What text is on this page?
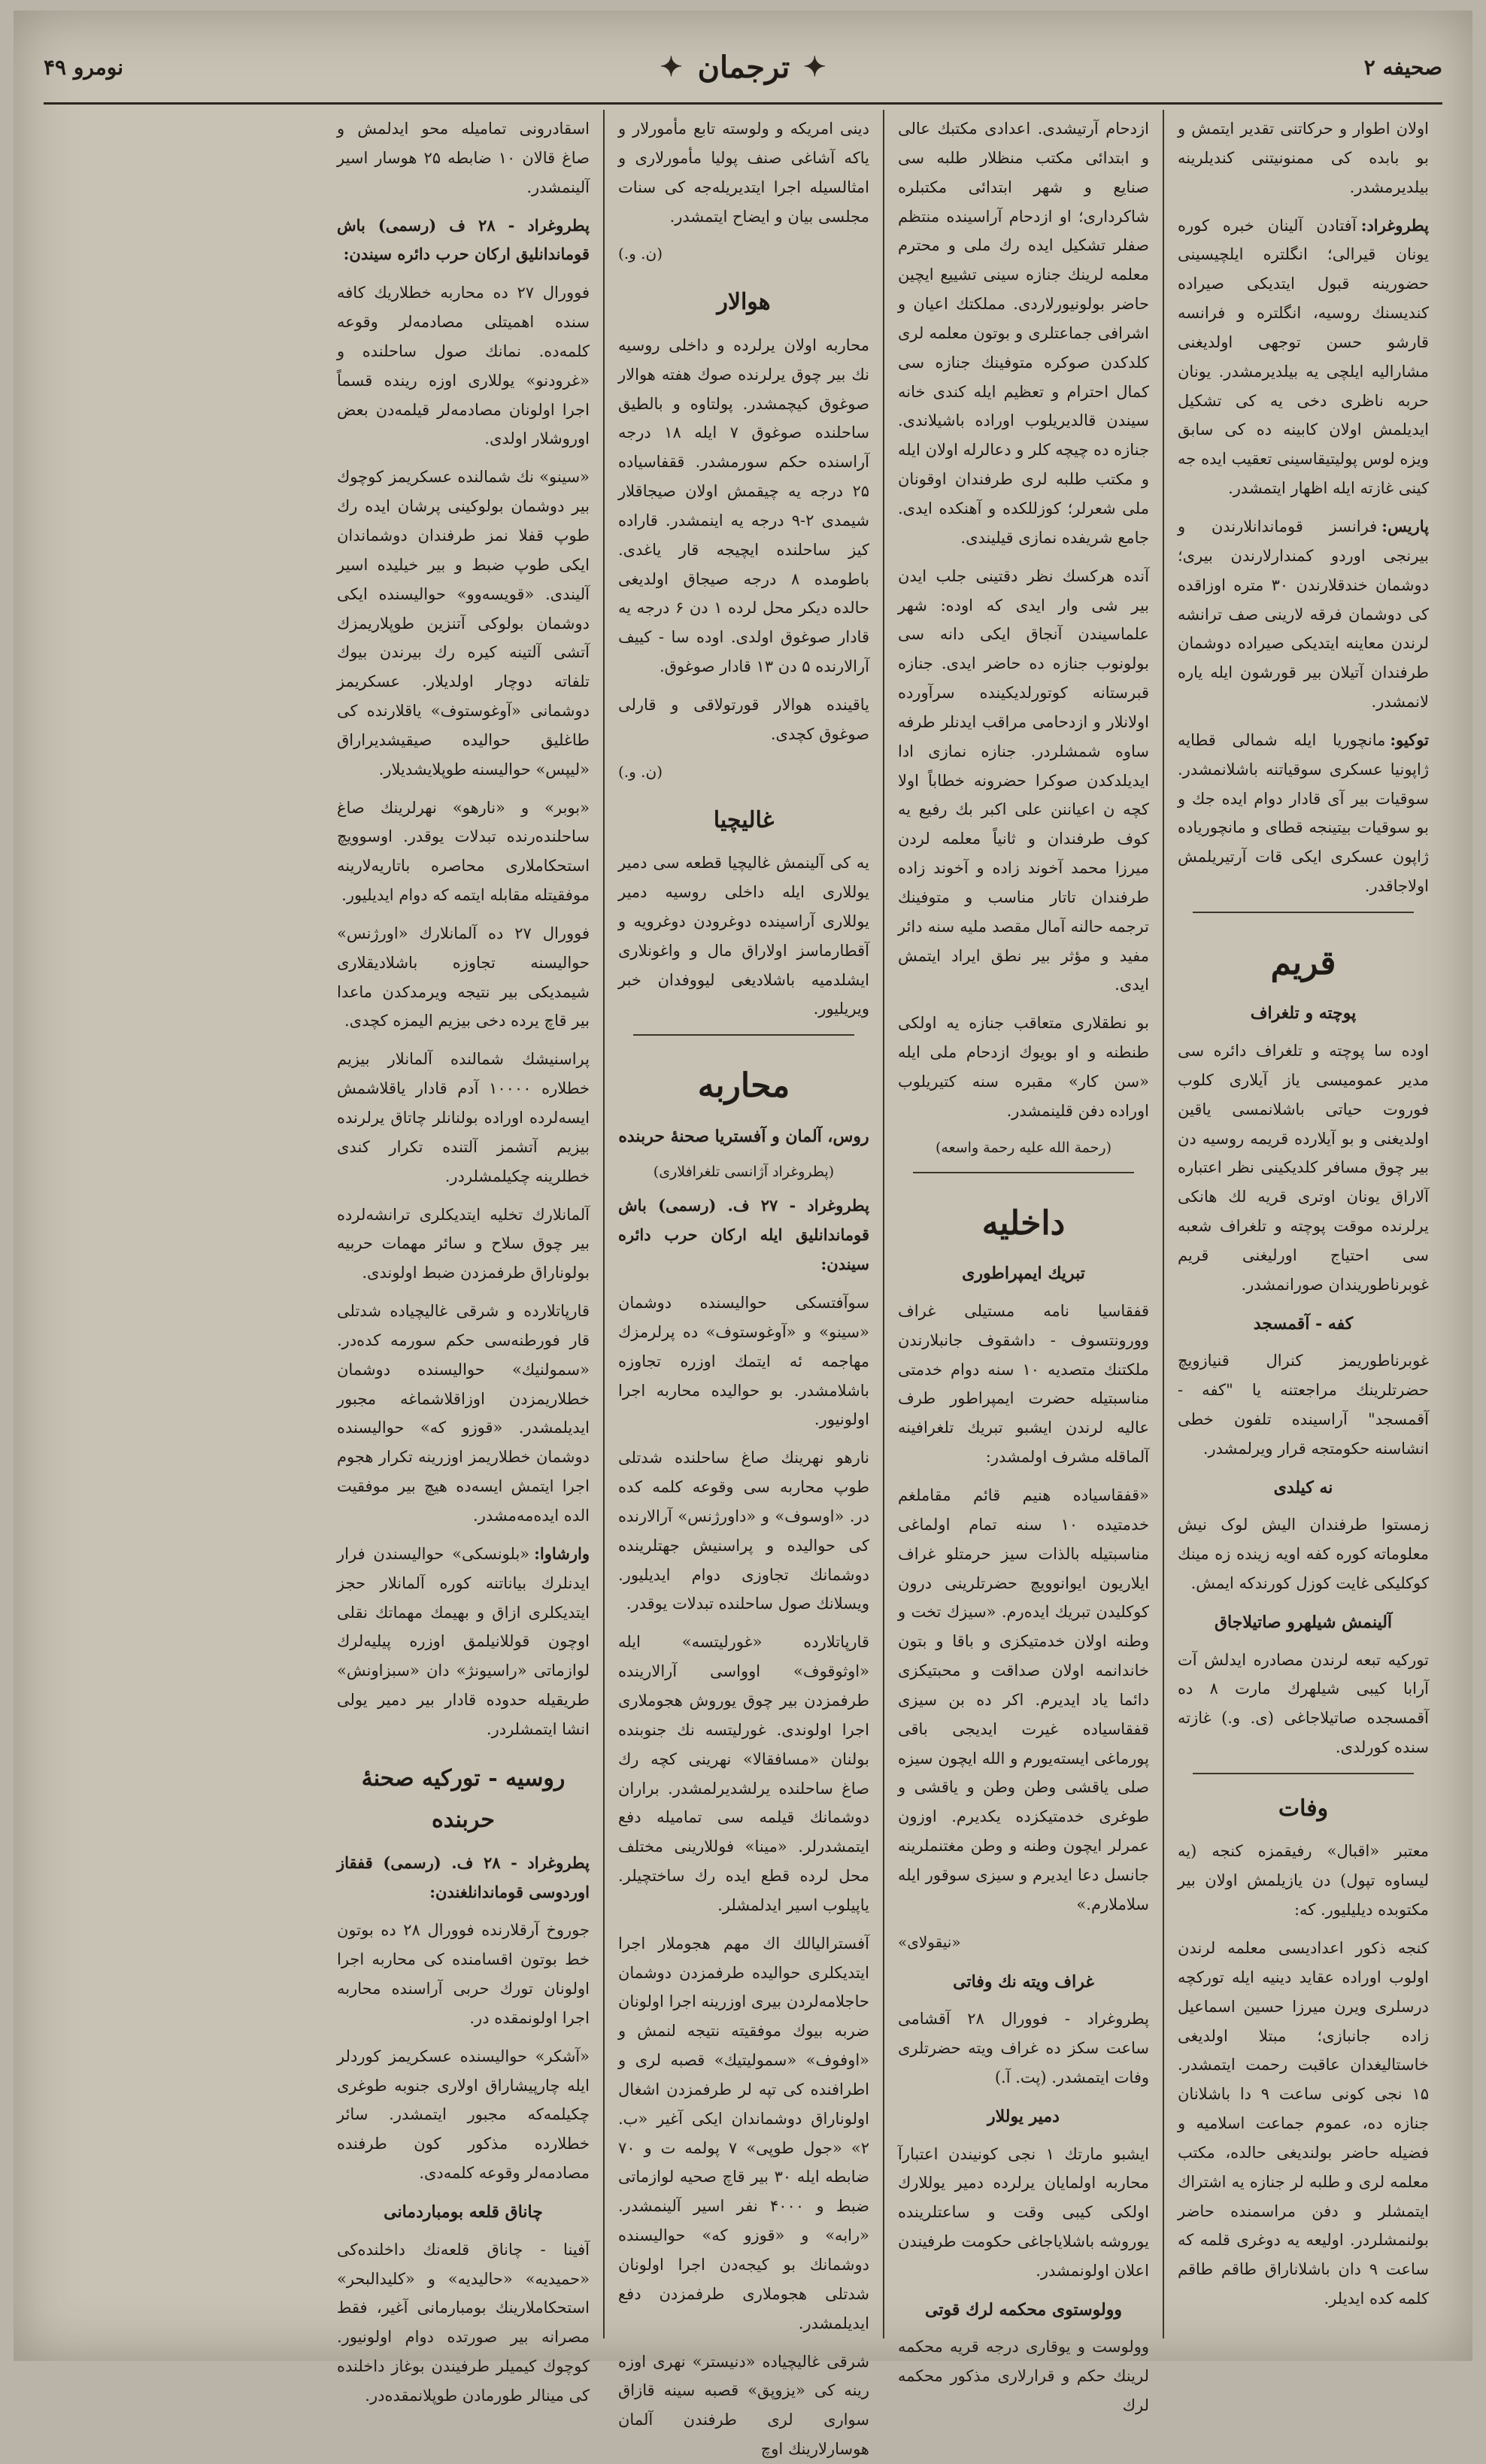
صحیفه ۲
✦
ترجمان
✦
نومرو ۴۹

اولان اطوار و حرکاتنی تقدیر ایتمش و بو بابده کی ممنونیتنی کندیلرینه بیلدیرمشدر.

پطروغراد:آفتادن آلینان خبره کوره یونان قیرالی؛ انگلتره ایلچیسینی حضورینه قبول ایتدیکی صیراده کندیسنك روسیه، انگلتره و فرانسه قارشو حسن توجهی اولدیغنی مشارالیه ایلچی یه بیلدیرمشدر. یونان حربه ناظری دخی یه کی تشکیل ایدیلمش اولان کابینه ده کی سابق ویزه لوس پولیتیقاسینی تعقیب ایده جه کینی غازته ایله اظهار ایتمشدر.

پاریس:فرانسز قوماندانلارندن و بیرنجی اوردو کمندارلارندن بیری؛ دوشمان خندقلارندن ۳۰ متره اوزاقده کی دوشمان فرقه لارینی صف ترانشه لرندن معاینه ایتدیکی صیراده دوشمان طرفندان آتیلان بیر قورشون ایله یاره لانمشدر.

توکیو:مانچوریا ایله شمالی قطایه ژاپونیا عسکری سوقیاتنه باشلانمشدر. سوقیات بیر آی قادار دوام ایده جك و بو سوقیات بیتینجه قطای و مانچوریاده ژاپون عسکری ایکی قات آرتیریلمش اولاجاقدر.

قریم
پوچته و تلغراف

اوده سا پوچته و تلغراف دائره سی مدیر عمومیسی یاز آیلاری کلوب فوروت حیاتی باشلانمسی یاقین اولدیغنی و بو آیلارده قریمه روسیه دن بیر چوق مسافر کلدیکینی نظر اعتباره آلاراق یونان اوتری قریه لك هانکی یرلرنده موقت پوچته و تلغراف شعبه سی احتیاج اورلیغنی قریم غوبرناطوریندان صورانمشدر.

کفه - آقمسجد

غوبرناطوریمز کنرال قنیازویچ حضرتلرینك مراجعتنه یا "کفه - آقمسجد" آراسینده تلفون خطی انشاسنه حکومتجه قرار ویرلمشدر.

نه کیلدی

زمستوا طرفندان الیش لوک نیش معلوماته کوره کفه اویه زینده زه مینك کوکلیکی غایت کوزل کورندکه ایمش.

آلینمش شیلهرو صاتیلاجاق

تورکیه تبعه لرندن مصادره ایدلش آت آرابا کیبی شیلهرك مارت ۸ ده آقمسجده صاتیلاجاغی (ی. و.) غازته سنده کورلدی.

وفات

معتبر «اقبال» رفیقمزه کنجه (یه لیساوه تپول) دن یازیلمش اولان بیر مکتوبده دیلیلیور. که:

کنجه ذکور اعدادیسی معلمه لرندن اولوب اوراده عقاید دینیه ایله تورکچه درسلری ویرن میرزا حسین اسماعیل زاده جانبازی؛ مبتلا اولدیغی خاستالیغدان عاقبت رحمت ایتمشدر. ۱۵ نجی کونی ساعت ۹ دا باشلانان جنازه ده، عموم جماعت اسلامیه و فضیله حاضر بولندیغی حالده، مکتب معلمه لری و طلبه لر جنازه یه اشتراك ایتمشلر و دفن مراسمنده حاضر بولنمشلردر. اولیعه یه دوغری قلمه که ساعت ۹ دان باشلاناراق طاقم طاقم کلمه کده ایدیلر.

ازدحام آرتیشدی. اعدادی مکتبك عالی و ابتدائی مکتب منظلار طلبه سی صنایع و شهر ابتدائی مکتبلره شاکرداری؛ او ازدحام آراسینده منتظم صفلر تشکیل ایده رك ملی و محترم معلمه لرینك جنازه سینی تشییع ایچین حاضر بولونیورلاردی. مملکتك اعیان و اشرافی جماعتلری و بوتون معلمه لری کلدکدن صوکره متوفینك جنازه سی کمال احترام و تعظیم ایله کندی خانه سیندن قالدیریلوب اوراده باشیلاندی. جنازه ده چیچه کلر و دعالرله اولان ایله و مکتب طلبه لری طرفندان اوقونان ملی شعرلر؛ کوزللکده و آهنکده ایدی. جامع شریفده نمازی قیلیندی.

آنده هرکسك نظر دقتینی جلب ایدن بیر شی وار ایدی که اوده: شهر علماسیندن آنجاق ایکی دانه سی بولونوب جنازه ده حاضر ایدی. جنازه قبرستانه کوتورلدیکینده سرآورده اولانلار و ازدحامی مراقب ایدنلر طرفه ساوه شمشلردر. جنازه نمازی ادا ایدیلدکدن صوکرا حضرونه خطاباً اولا کچه ن اعیاننن علی اکبر بك رفیع یه کوف طرفندان و ثانیاً معلمه لردن میرزا محمد آخوند زاده و آخوند زاده طرفندان تاتار مناسب و متوفینك ترجمه حالنه آمال مقصد ملیه سنه دائر مفید و مؤثر بیر نطق ایراد ایتمش ایدی.

بو نطقلاری متعاقب جنازه یه اولکی طنطنه و او بویوك ازدحام ملی ایله «سن کار» مقبره سنه کتیریلوب اوراده دفن قلینمشدر.

(رحمة الله علیه رحمة واسعه)
داخلیه
تبریك ایمپراطوری

قفقاسیا نامه مستیلی غراف وورونتسوف - داشقوف جانبلارندن ملکتنك متصدیه ۱۰ سنه دوام خدمتی مناسبتیله حضرت ایمپراطور طرف عالیه لرندن ایشبو تبریك تلغرافینه آلماقله مشرف اولمشدر:

«قفقاسیاده هنیم قائم مقاملغم خدمتیده ۱۰ سنه تمام اولماغی مناسبتیله بالذات سیز حرمتلو غراف ایلاریون ایوانوویچ حضرتلرینی درون کوکلیدن تبریك ایده‌رم. «سیزك تخت و وطنه اولان خدمتیکزی و باقا و بتون خاندانمه اولان صداقت و محبتیکزی دائما یاد ایدیرم. اکر ده بن سیزی قفقاسیاده غیرت ایدیجی باقی پورماغی ایسته‌یورم و الله ایچون سیزه صلی یاقشی وطن وطن و یاقشی و طوغری خدمتیکزده یکدیرم. اوزون عمرلر ایچون وطنه و وطن مغتنملرینه جانسل دعا ایدیرم و سیزی سوقور ایله سلاملارم.»

«نیقولای»
غراف ویته نك وفاتی

پطروغراد - فوورال ۲۸ آقشامی ساعت سکز ده غراف ویته حضرتلری وفات ایتمشدر. (پت. آ.)

دمیر یوللار

ایشبو مارتك ۱ نجی کونیندن اعتبارآ محاربه اولمایان یرلرده دمیر یوللارك اولکی کیبی وقت و ساعتلرینده یوروشه باشلایاجاغی حکومت طرفیندن اعلان اولونمشدر.

وولوستوی محکمه لرك قوتی

وولوست و یوقاری درجه قریه محکمه لرینك حکم و قرارلاری مذکور محکمه لرك

دینی امریکه و ولوسته تابع مأمورلار و یاکه آشاغی صنف پولیا مأمورلاری و امثالسیله اجرا ایتدیریله‌جه کی سنات مجلسی بیان و ایضاح ایتمشدر.

(ن. و.)
هوالار

محاربه اولان یرلرده و داخلی روسیه نك بیر چوق یرلرنده صوك هفته هوالار صوغوق کیچمشدر. پولتاوه و بالطیق ساحلنده صوغوق ۷ ایله ۱۸ درجه آراسنده حکم سورمشدر. ققفاسیاده ۲۵ درجه یه چیقمش اولان صیجاقلار شیمدی ۲-۹ درجه یه اینمشدر. قاراده کیز ساحلنده ایچیجه قار یاغدی. باطومده ۸ درجه صیجاق اولدیغی حالده دیکر محل لرده ۱ دن ۶ درجه یه قادار صوغوق اولدی. اوده سا - کییف آرالارنده ۵ دن ۱۳ قادار صوغوق.

یاقینده هوالار قورتولاقی و قارلی صوغوق کچدی.

(ن. و.)
غالیچیا

یه کی آلینمش غالیچیا قطعه سی دمیر یوللاری ایله داخلی روسیه دمیر یوللاری آراسینده دوغرودن دوغرویه و آقطارماسز اولاراق مال و واغونلاری ایشلدمیه باشلادیغی لیووفدان خبر ویریلیور.

محاربه
روس، آلمان و آفستریا صحنهٔ حربنده
(پطروغراد آژانسی تلغرافلاری)

پطروغراد - ۲۷ ف. (رسمی) باش قوماندانلیق ایله ارکان حرب دائره سیندن:

سوآفتسکی حوالیسنده دوشمان «سینو» و «آوغوستوف» ده پرلرمزك مهاجمه ئه ایتمك اوزره تجاوزه باشلامشدر. بو حوالیده محاربه اجرا اولونیور.

نارهو نهرینك صاغ ساحلنده شدتلی طوپ محاربه سی وقوعه کلمه کده در. «اوسوف» و «داورژنس» آرالارنده کی حوالیده و پراسنیش جهتلرینده دوشمانك تجاوزی دوام ایدیلیور. ویسلانك صول ساحلنده تبدلات یوقدر.

قارپاتلارده «غورلیتسه» ایله «اوثوقوف» اوواسی آرالارینده طرفمزدن بیر چوق یوروش هجوملاری اجرا اولوندی. غورلیتسه نك جنوبنده بولنان «مسافقالا» نهرینی کچه رك صاغ ساحلنده یرلشدیرلمشدر. براران دوشمانك قیلمه سی تمامیله دفع ایتمشدرلر. «مینا» فوللارینی مختلف محل لرده قطع ایده رك ساختچیلر. یاپیلوب اسیر ایدلمشلر.

آفسترالیالك اك مهم هجوملار اجرا ایتدیکلری حوالیده طرفمزدن دوشمان حاجلامه‌لردن بیری اوزرینه اجرا اولونان ضربه بیوك موفقیته نتیجه لنمش و «اوفوف» «سمولیتیك» قصبه لری و اطرافنده کی تپه لر طرفمزدن اشغال اولوناراق دوشماندان ایکی آغیر «ب. ۲» «جول طوپی» ۷ پولمه ت و ۷۰ ضابطه ایله ۳۰ بیر قاچ صحیه لوازماتی ضبط و ۴۰۰۰ نفر اسیر آلینمشدر. «رابه» و «قوزو که» حوالیسنده دوشمانك بو کیجه‌دن اجرا اولونان شدتلی هجوملاری طرفمزدن دفع ایدیلمشدر.

شرقی غالیچیاده «دنیستر» نهری اوزه رینه کی «یزوپق» قصبه سینه قازاق سواری لری طرفندن آلمان هوسارلارینك اوچ

اسقادرونی تمامیله محو ایدلمش و صاغ قالان ۱۰ ضابطه ۲۵ هوسار اسیر آلینمشدر.

پطروغراد - ۲۸ ف (رسمی) باش قوماندانلیق ارکان حرب دائره سیندن:

فوورال ۲۷ ده محاربه خطلاریك کافه سنده اهمیتلی مصادمه‌لر وقوعه کلمه‌ده. نمانك صول ساحلنده و «غرودنو» یوللاری اوزه رینده قسماً اجرا اولونان مصادمه‌لر قیلمه‌دن بعض اوروشلار اولدی.

«سینو» نك شمالنده عسکریمز کوچوك بیر دوشمان بولوکینی پرشان ایده رك طوپ قفلا نمز طرفندان دوشماندان ایکی طوپ ضبط و بیر خیلیده اسیر آلیندی. «قویسه‌وو» حوالیسنده ایکی دوشمان بولوکی آتنزین طوپلاریمزك آتشی آلتینه کیره رك بیرندن بیوك تلفاته دوچار اولدیلار. عسکریمز دوشمانی «آوغوستوف» یاقلارنده کی طاغلیق حوالیده صیقیشدیراراق «لیپس» حوالیسنه طوپلایشدیلار.

«بوبر» و «نارهو» نهرلرینك صاغ ساحلنده‌رنده تبدلات یوقدر. اوسوویچ استحکاملاری محاصره باتاریه‌لارینه موفقیتله مقابله ایتمه که دوام ایدیلیور.

فوورال ۲۷ ده آلمانلارك «اورژنس» حوالیسنه تجاوزه باشلادیقلاری شیمدیکی بیر نتیجه ویرمدکدن ماعدا بیر قاچ یرده دخی بیزیم الیمزه کچدی.

پراسنیشك شمالنده آلمانلار بیزیم خطلاره ۱۰۰۰۰ آدم قادار یاقلاشمش ایسه‌لرده اوراده بولنانلر چاتاق یرلرنده بیزیم آتشمز آلتنده تکرار کندی خطلرینه چکیلمشلردر.

آلمانلارك تخلیه ایتدیکلری ترانشه‌لرده بیر چوق سلاح و سائر مهمات حربیه بولوناراق طرفمزدن ضبط اولوندی.

قارپاتلارده و شرقی غالیچیاده شدتلی قار فورطنه‌سی حکم سورمه کده‌در. «سمولنیك» حوالیسنده دوشمان خطلاریمزدن اوزاقلاشماغه مجبور ایدیلمشدر. «قوزو که» حوالیسنده دوشمان خطلاریمز اوزرینه تکرار هجوم اجرا ایتمش ایسه‌ده هیچ بیر موفقیت الده ایده‌مه‌مشدر.

وارشاوا:«بلونسکی» حوالیسندن فرار ایدنلرك بیاناتنه کوره آلمانلار حجز ایتدیکلری ازاق و بهیمك مهماتك نقلی اوچون قوللانیلمق اوزره پیلیه‌لرك لوازماتی «راسیونژ» دان «سبزاونش» طریقیله حدوده قادار بیر دمیر یولی انشا ایتمشلردر.

روسیه - تورکیه صحنهٔ حربنده

پطروغراد - ۲۸ ف. (رسمی) قفقاز اوردوسی قوماندانلغندن:

جوروخ آرقلارنده فوورال ۲۸ ده بوتون خط بوتون اقسامنده کی محاربه اجرا اولونان تورك حربی آراسنده محاربه اجرا اولونمقده در.

«آشکر» حوالیسنده عسکریمز کوردلر ایله چارپیشاراق اولاری جنوبه طوغری چکیلمه‌که مجبور ایتمشدر. سائر خطلارده مذکور کون طرفنده مصادمه‌لر وقوعه کلمه‌دی.

چاناق قلعه بومباردمانی

آفینا - چاناق قلعه‌نك داخلنده‌کی «حمیدیه» «حالیدیه» و «کلیدالبحر» استحکاملارینك بومبارمانی آغیر، فقط مصرانه بیر صورتده دوام اولونیور. کوچوك کیمیلر طرفیندن بوغاز داخلنده کی مینالر طورمادن طوپلانمقده‌در.
